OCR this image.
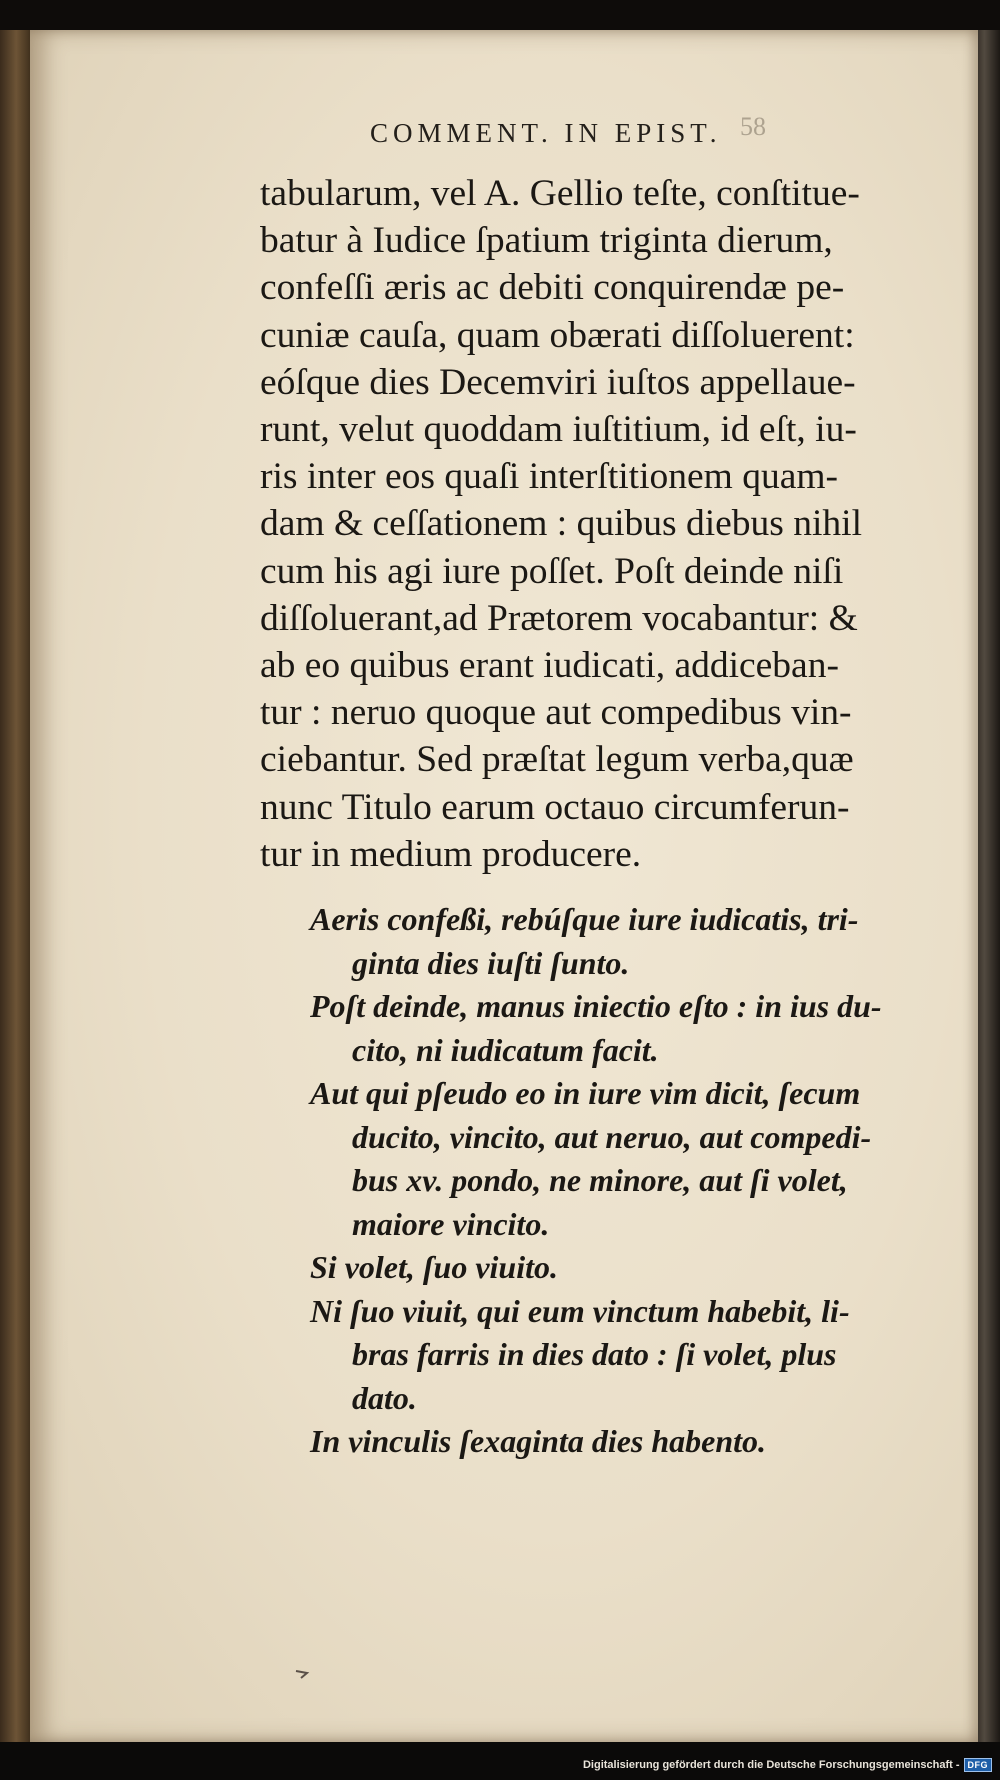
58
COMMENT. IN EPIST.
tabularum, vel A. Gellio teſte, conſtitue-
batur à Iudice ſpatium triginta dierum,
confeſſi æris ac debiti conquirendæ pe-
cuniæ cauſa, quam obærati diſſoluerent:
eóſque dies Decemviri iuſtos appellaue-
runt, velut quoddam iuſtitium, id eſt, iu-
ris inter eos quaſi interſtitionem quam-
dam & ceſſationem : quibus diebus nihil
cum his agi iure poſſet. Poſt deinde niſi
diſſoluerant,ad Prætorem vocabantur: &
ab eo quibus erant iudicati, addiceban-
tur : neruo quoque aut compedibus vin-
ciebantur. Sed præſtat legum verba,quæ
nunc Titulo earum octauo circumferun-
tur in medium producere.
Aeris confeßi, rebúſque iure iudicatis, tri-
ginta dies iuſti ſunto.
Poſt deinde, manus iniectio eſto : in ius du-
cito, ni iudicatum facit.
Aut qui pſeudo eo in iure vim dicit, ſecum
ducito, vincito, aut neruo, aut compedi-
bus xv. pondo, ne minore, aut ſi volet,
maiore vincito.
Si volet, ſuo viuito.
Ni ſuo viuit, qui eum vinctum habebit, li-
bras farris in dies dato : ſi volet, plus
dato.
In vinculis ſexaginta dies habento.
Digitalisierung gefördert durch die Deutsche Forschungsgemeinschaft - DFG
